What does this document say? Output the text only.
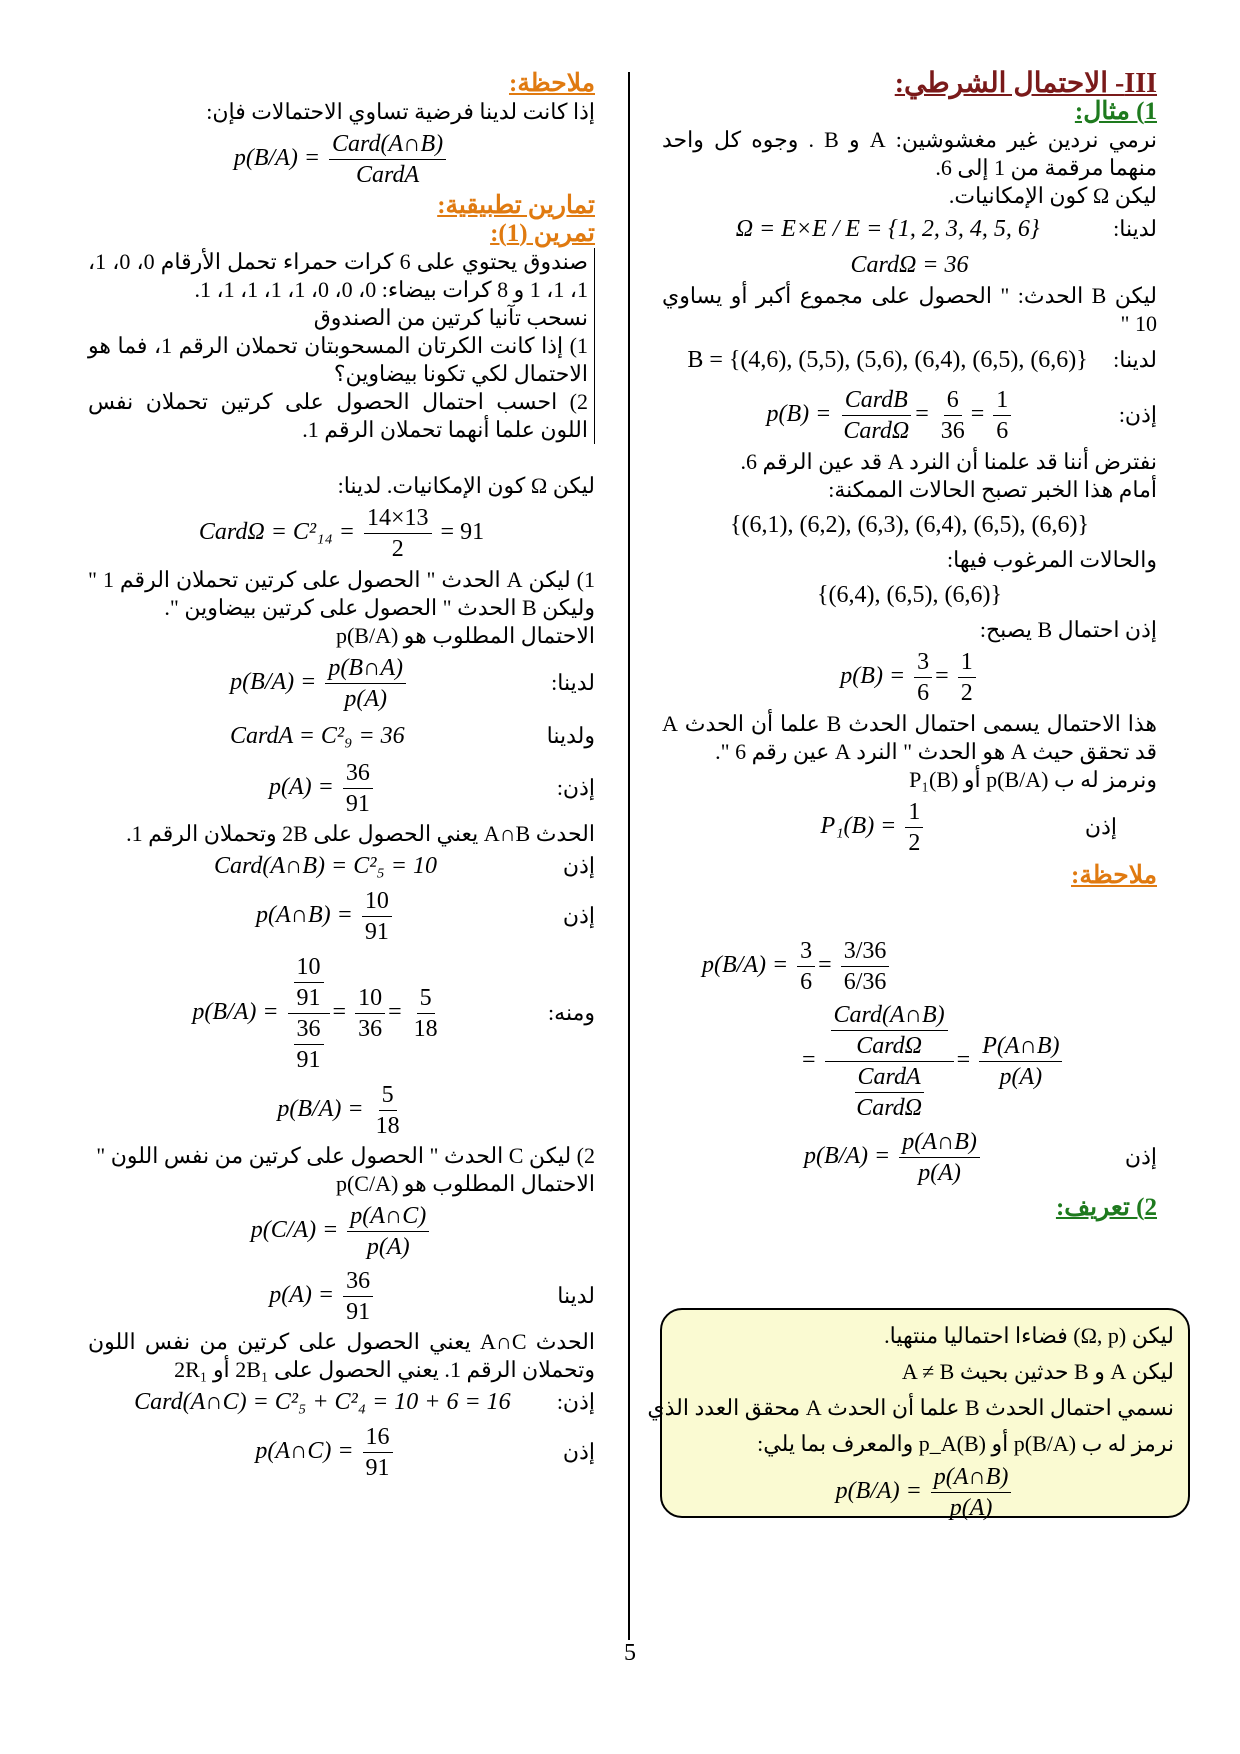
III- الاحتمال الشرطي:
1) مثال:
نرمي نردين غير مغشوشين: A و B . وجوه كل واحد منهما مرقمة من 1 إلى 6.
ليكن Ω كون الإمكانيات.
لدينا:
Ω = E×E / E = {1, 2, 3, 4, 5, 6}
CardΩ = 36
ليكن B الحدث: " الحصول على مجموع أكبر أو يساوي 10 "
لدينا:
B = {(4,6), (5,5), (5,6), (6,4), (6,5), (6,6)}
إذن:
$p(B) = \frac{\text{CardB}}{\text{CardΩ}} = \frac{6}{36} = \frac{1}{6}$
نفترض أننا قد علمنا أن النرد A قد عين الرقم 6.
أمام هذا الخبر تصبح الحالات الممكنة:
{(6,1), (6,2), (6,3), (6,4), (6,5), (6,6)}
والحالات المرغوب فيها:
{(6,4), (6,5), (6,6)}
إذن احتمال B يصبح:
$p(B) = \frac{3}{6} = \frac{1}{2}$
هذا الاحتمال يسمى احتمال الحدث B علما أن الحدث A قد تحقق حيث A هو الحدث " النرد A عين رقم 6 ".
ونرمز له ب p(B/A) أو P₁(B)
إذن
$P_1(B) = \frac{1}{2}$
ملاحظة:
$p(B/A) = \frac{3}{6} = \frac{3/36}{6/36}$
= $\frac{\frac{\text{Card(A∩B)}}{\text{CardΩ}}}{\frac{\text{CardA}}{\text{CardΩ}}} = \frac{P(A\cap B)}{p(A)}$
إذن
$p(B/A) = \frac{p(A\cap B)}{p(A)}$
2) تعريف:
ليكن (Ω, p) فضاءا احتماليا منتهيا.
ليكن A و B حدثين بحيث A ≠ B
نسمي احتمال الحدث B علما أن الحدث A محقق العدد الذي
نرمز له ب p(B/A) أو p_A(B) والمعرف بما يلي:
$p(B/A) = \frac{p(A\cap B)}{p(A)}$
ملاحظة:
إذا كانت لدينا فرضية تساوي الاحتمالات فإن:
$p(B/A) = \frac{\text{Card(A∩B)}}{\text{CardA}}$
تمارين تطبيقية:
تمرين (1):
صندوق يحتوي على 6 كرات حمراء تحمل الأرقام 0، 0، 1، 1، 1، 1 و 8 كرات بيضاء: 0، 0، 0، 1، 1، 1، 1، 1.
نسحب تآنيا كرتين من الصندوق
1) إذا كانت الكرتان المسحوبتان تحملان الرقم 1، فما هو الاحتمال لكي تكونا بيضاوين؟
2) احسب احتمال الحصول على كرتين تحملان نفس اللون علما أنهما تحملان الرقم 1.
ليكن Ω كون الإمكانيات. لدينا:
CardΩ = $C^2_{14} = \frac{14\times 13}{2} = 91$
1) ليكن A الحدث " الحصول على كرتين تحملان الرقم 1 " وليكن B الحدث " الحصول على كرتين بيضاوين ".
الاحتمال المطلوب هو p(B/A)
لدينا:
$p(B/A) = \frac{p(B\cap A)}{p(A)}$
ولدينا
CardA = C²₉ = 36
إذن:
$p(A) = \frac{36}{91}$
الحدث A∩B يعني الحصول على 2B وتحملان الرقم 1.
إذن
Card(A∩B) = C²₅ = 10
إذن
p(A∩B) = $\frac{10}{91}$
ومنه:
$p(B/A) = \frac{\frac{10}{91}}{\frac{36}{91}} = \frac{10}{36} = \frac{5}{18}$
$p(B/A) = \frac{5}{18}$
2) ليكن C الحدث " الحصول على كرتين من نفس اللون "
الاحتمال المطلوب هو p(C/A)
$p(C/A) = \frac{p(A\cap C)}{p(A)}$
لدينا
$p(A) = \frac{36}{91}$
الحدث A∩C يعني الحصول على كرتين من نفس اللون وتحملان الرقم 1. يعني الحصول على 2B₁ أو 2R₁
إذن:
Card(A∩C) = C²₅ + C²₄ = 10 + 6 = 16
إذن
p(A∩C) = $\frac{16}{91}$
5
